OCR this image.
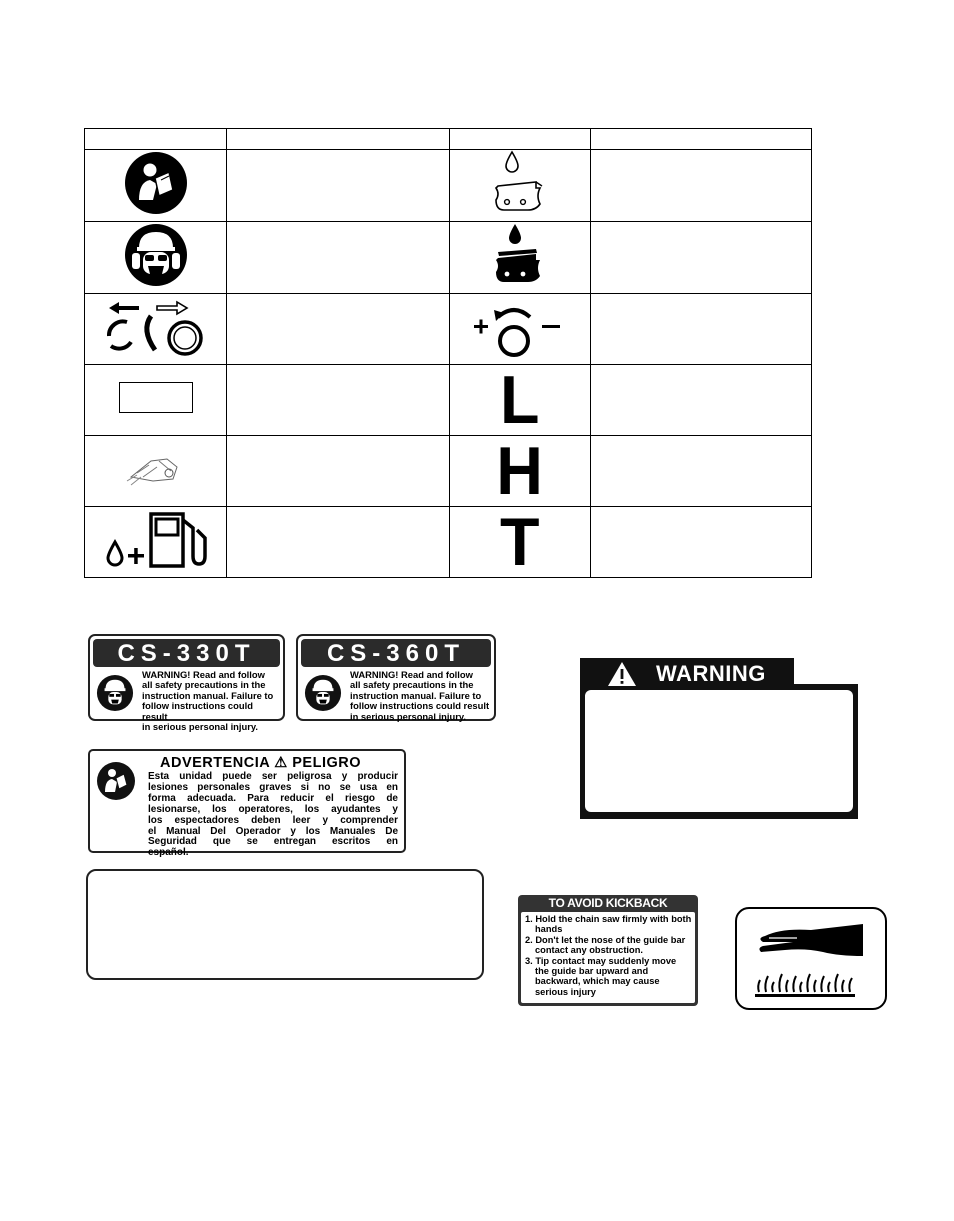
		L	
		H	
		T	
CS-330T
WARNING! Read and follow
all safety precautions in the
instruction manual. Failure to
follow instructions could result
in serious personal injury.
CS-360T
WARNING! Read and follow
all safety precautions in the
instruction manual. Failure to
follow instructions could result
in serious personal injury.
WARNING
ADVERTENCIA ⚠ PELIGRO
Esta unidad puede ser peligrosa y producir
lesiones personales graves si no se usa en
forma adecuada. Para reducir el riesgo de
lesionarse, los operatores, los ayudantes y
los espectadores deben leer y comprender
el Manual Del Operador y los Manuales De
Seguridad que se entregan escritos en
español.
TO AVOID KICKBACK
1. Hold the chain saw firmly with both hands
2. Don't let the nose of the guide bar contact any obstruction.
3. Tip contact may suddenly move the guide bar upward and backward, which may cause serious injury
